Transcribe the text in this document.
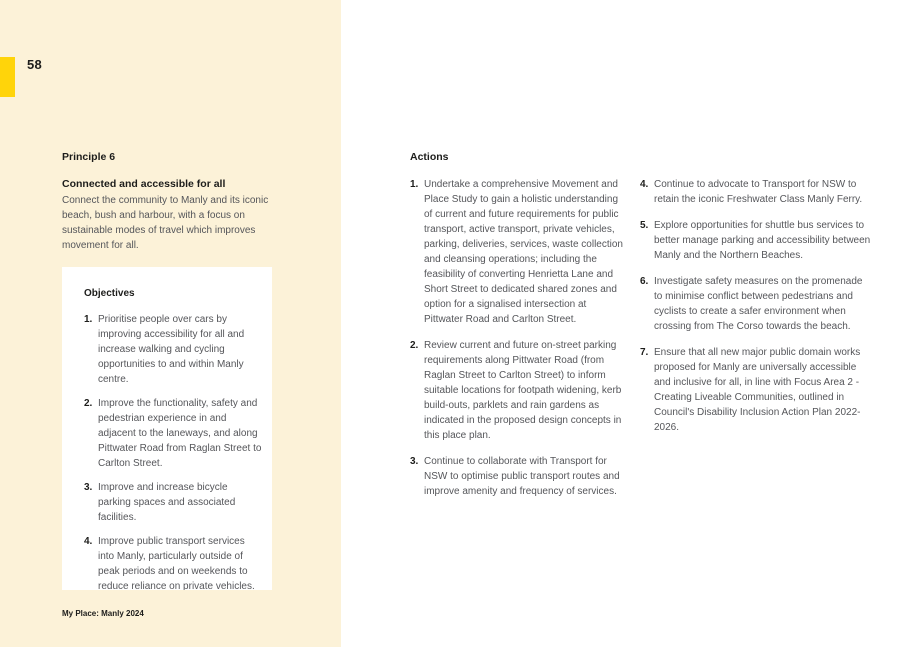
58
Principle 6
Connected and accessible for all

Connect the community to Manly and its iconic beach, bush and harbour, with a focus on sustainable modes of travel which improves movement for all.

Objectives
1. Prioritise people over cars by improving accessibility for all and increase walking and cycling opportunities to and within Manly centre.
2. Improve the functionality, safety and pedestrian experience in and adjacent to the laneways, and along Pittwater Road from Raglan Street to Carlton Street.
3. Improve and increase bicycle parking spaces and associated facilities.
4. Improve public transport services into Manly, particularly outside of peak periods and on weekends to reduce reliance on private vehicles.
My Place: Manly 2024
Actions
1. Undertake a comprehensive Movement and Place Study to gain a holistic understanding of current and future requirements for public transport, active transport, private vehicles, parking, deliveries, services, waste collection and cleansing operations; including the feasibility of converting Henrietta Lane and Short Street to dedicated shared zones and option for a signalised intersection at Pittwater Road and Carlton Street.
2. Review current and future on-street parking requirements along Pittwater Road (from Raglan Street to Carlton Street) to inform suitable locations for footpath widening, kerb build-outs, parklets and rain gardens as indicated in the proposed design concepts in this place plan.
3. Continue to collaborate with Transport for NSW to optimise public transport routes and improve amenity and frequency of services.
4. Continue to advocate to Transport for NSW to retain the iconic Freshwater Class Manly Ferry.
5. Explore opportunities for shuttle bus services to better manage parking and accessibility between Manly and the Northern Beaches.
6. Investigate safety measures on the promenade to minimise conflict between pedestrians and cyclists to create a safer environment when crossing from The Corso towards the beach.
7. Ensure that all new major public domain works proposed for Manly are universally accessible and inclusive for all, in line with Focus Area 2 - Creating Liveable Communities, outlined in Council's Disability Inclusion Action Plan 2022-2026.
